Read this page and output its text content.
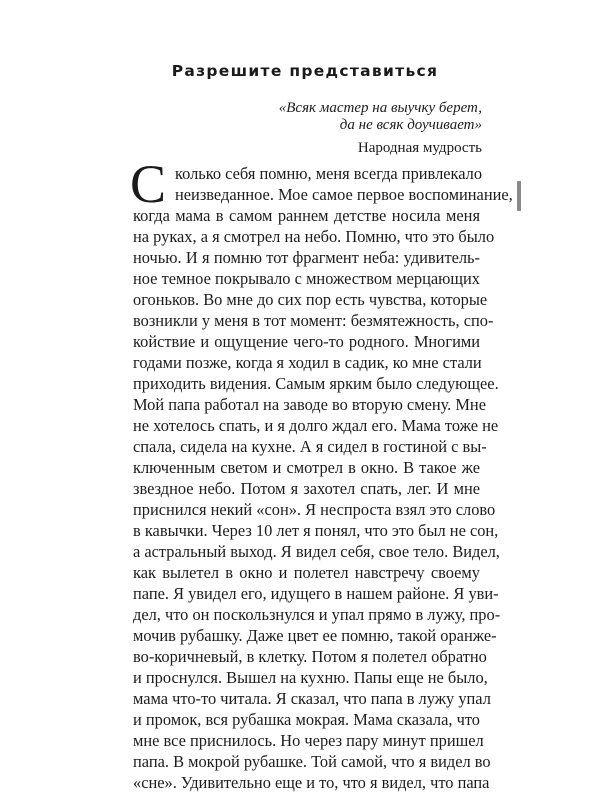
Разрешите представиться
«Всяк мастер на выучку берет,
да не всяк доучивает»
Народная мудрость
С колько себя помню, меня всегда привлекало
неизведанное. Мое самое первое воспоминание,
когда мама в самом раннем детстве носила меня
на руках, а я смотрел на небо. Помню, что это было
ночью. И я помню тот фрагмент неба: удивитель-
ное темное покрывало с множеством мерцающих
огоньков. Во мне до сих пор есть чувства, которые
возникли у меня в тот момент: безмятежность, спо-
койствие и ощущение чего-то родного. Многими
годами позже, когда я ходил в садик, ко мне стали
приходить видения. Самым ярким было следующее.
Мой папа работал на заводе во вторую смену. Мне
не хотелось спать, и я долго ждал его. Мама тоже не
спала, сидела на кухне. А я сидел в гостиной с вы-
ключенным светом и смотрел в окно. В такое же
звездное небо. Потом я захотел спать, лег. И мне
приснился некий «сон». Я неспроста взял это слово
в кавычки. Через 10 лет я понял, что это был не сон,
а астральный выход. Я видел себя, свое тело. Видел,
как вылетел в окно и полетел навстречу своему
папе. Я увидел его, идущего в нашем районе. Я уви-
дел, что он поскользнулся и упал прямо в лужу, про-
мочив рубашку. Даже цвет ее помню, такой оранже-
во-коричневый, в клетку. Потом я полетел обратно
и проснулся. Вышел на кухню. Папы еще не было,
мама что-то читала. Я сказал, что папа в лужу упал
и промок, вся рубашка мокрая. Мама сказала, что
мне все приснилось. Но через пару минут пришел
папа. В мокрой рубашке. Той самой, что я видел во
«сне». Удивительно еще и то, что я видел, что папа
